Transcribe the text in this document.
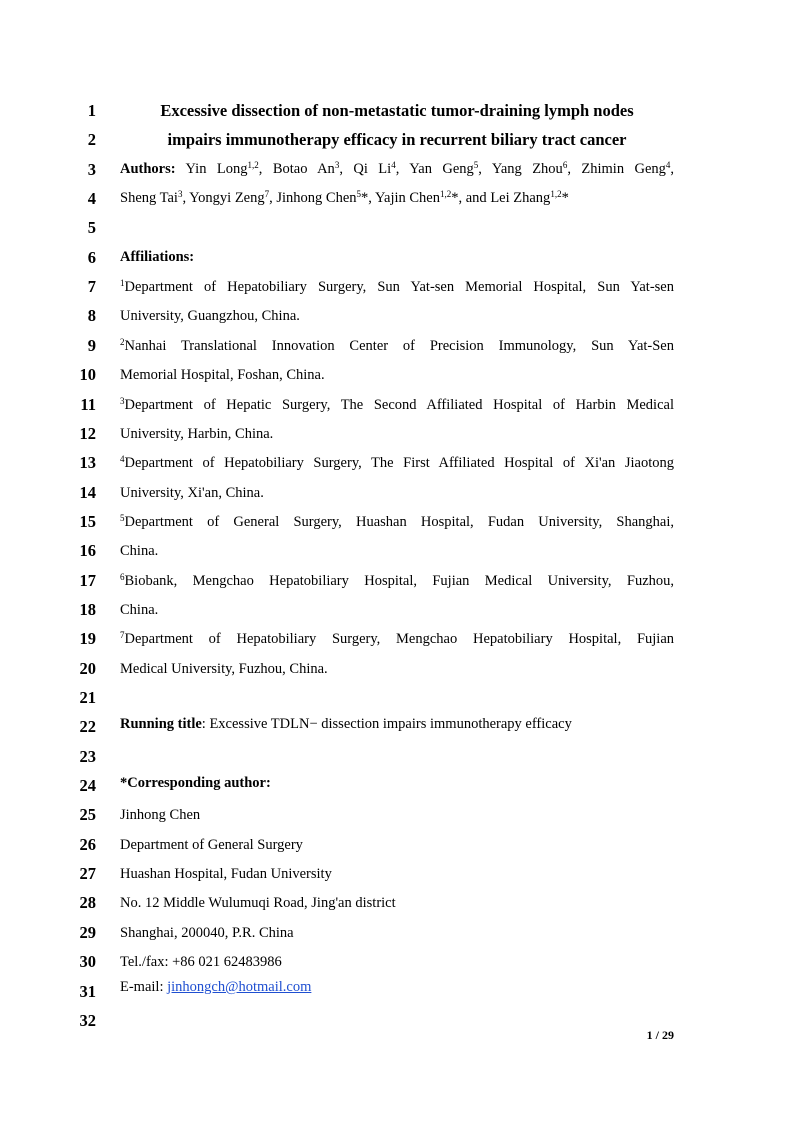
1
2
3
4
5
6
7
8
9
10
11
12
13
14
15
16
17
18
19
20
21
22
23
24
25
26
27
28
29
30
31
32
Excessive dissection of non-metastatic tumor-draining lymph nodes
impairs immunotherapy efficacy in recurrent biliary tract cancer
Authors: Yin Long$^{1,2}$, Botao An$^3$, Qi Li$^4$, Yan Geng$^5$, Yang Zhou$^6$, Zhimin Geng$^4$,
Sheng Tai$^3$, Yongyi Zeng$^7$, Jinhong Chen$^5$*, Yajin Chen$^{1,2}$*, and Lei Zhang$^{1,2}$*
Affiliations:
$^1$Department of Hepatobiliary Surgery, Sun Yat-sen Memorial Hospital, Sun Yat-sen
University, Guangzhou, China.
$^2$Nanhai Translational Innovation Center of Precision Immunology, Sun Yat-Sen
Memorial Hospital, Foshan, China.
$^3$Department of Hepatic Surgery, The Second Affiliated Hospital of Harbin Medical
University, Harbin, China.
$^4$Department of Hepatobiliary Surgery, The First Affiliated Hospital of Xi'an Jiaotong
University, Xi'an, China.
$^5$Department of General Surgery, Huashan Hospital, Fudan University, Shanghai,
China.
$^6$Biobank, Mengchao Hepatobiliary Hospital, Fujian Medical University, Fuzhou,
China.
$^7$Department of Hepatobiliary Surgery, Mengchao Hepatobiliary Hospital, Fujian
Medical University, Fuzhou, China.
Running title: Excessive TDLN− dissection impairs immunotherapy efficacy
*Corresponding author:
Jinhong Chen
Department of General Surgery
Huashan Hospital, Fudan University
No. 12 Middle Wulumuqi Road, Jing'an district
Shanghai, 200040, P.R. China
Tel./fax: +86 021 62483986
E-mail: jinhongch@hotmail.com
1 / 29
